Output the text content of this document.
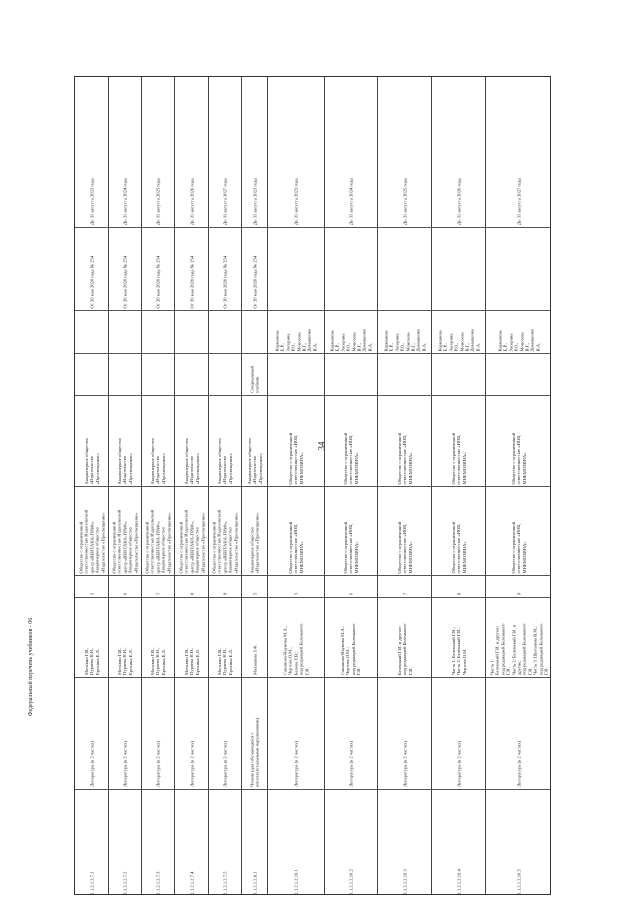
34
Федеральный перечень учебников - 06
1.1.2.1.2.7.1
Литература (в 2 частях)
Москвин Г.В.,
Пуряева Н.Н.,
Ерохина Е.Л.
5
Общество с ограниченной
ответственностью Издательский
центр «ВЕНТАНА-ГРАФ»,
Акционерное общество
«Издательство «Просвещение»
Акционерное общество
«Издательство
«Просвещение»
От 20 мая 2020 года № 254
До 31 августа 2023 года
1.1.2.1.2.7.2
Литература (в 2 частях)
Москвин Г.В.,
Пуряева Н.Н.,
Ерохина Е.Л.
6
Общество с ограниченной
ответственностью Издательский
центр «ВЕНТАНА-ГРАФ»,
Акционерное общество
«Издательство «Просвещение»
Акционерное общество
«Издательство
«Просвещение»
От 20 мая 2020 года № 254
До 31 августа 2024 года
1.1.2.1.2.7.3
Литература (в 2 частях)
Москвин Г.В.,
Пуряева Н.Н.,
Ерохина Е.Л.
7
Общество с ограниченной
ответственностью Издательский
центр «ВЕНТАНА-ГРАФ»,
Акционерное общество
«Издательство «Просвещение»
Акционерное общество
«Издательство
«Просвещение»
От 20 мая 2020 года № 254
До 31 августа 2025 года
1.1.2.1.2.7.4
Литература (в 2 частях)
Москвин Г.В.,
Пуряева Н.Н.,
Ерохина Е.Л.
8
Общество с ограниченной
ответственностью Издательский
центр «ВЕНТАНА-ГРАФ»,
Акционерное общество
«Издательство «Просвещение»
Акционерное общество
«Издательство
«Просвещение»
От 20 мая 2020 года № 254
До 31 августа 2026 года
1.1.2.1.2.7.5
Литература (в 2 частях)
Москвин Г.В.,
Пуряева Н.Н.,
Ерохина Е.Л.
9
Общество с ограниченной
ответственностью Издательский
центр «ВЕНТАНА-ГРАФ»,
Акционерное общество
«Издательство «Просвещение»
Акционерное общество
«Издательство
«Просвещение»
От 20 мая 2020 года № 254
До 31 августа 2027 года
1.1.2.1.2.8.1
Чтение (для обучающихся с
интеллектуальными нарушениями)
Малышева З.Ф.
5
Акционерное общество
«Издательство «Просвещение»
Акционерное общество
«Издательство
«Просвещение»
Специальный учебник
От 20 мая 2020 года № 254
До 31 августа 2023 года
1.1.2.1.2.10.1
Литература (в 2 частях)
Сакинова-Наумова М.А.,
Чертова О.М.,
Белова Т.В.;
под редакцией Беленького
Г.И.
5
Общество с ограниченной
ответственностью «ИОЦ
МНЕМОЗИНА»
Общество с ограниченной
ответственностью «ИОЦ
МНЕМОЗИНА»
Карманова
Е.Р.,
Засорина
Р.О.,
Моисеева
В.Г.,
Домашенко
В.А.
До 31 августа 2023 года
1.1.2.1.2.10.2
Литература (в 2 частях)
Сакинова-Наумова М.А.,
Чертова О.М.;
под редакцией Беленького
Г.И.
6
Общество с ограниченной
ответственностью «ИОЦ
МНЕМОЗИНА»
Общество с ограниченной
ответственностью «ИОЦ
МНЕМОЗИНА»
Карманова
Е.Р.,
Засорина
Р.О.,
Моисеева
В.Г.,
Домашенко
В.А.
До 31 августа 2024 года
1.1.2.1.2.10.3
Литература (в 2 частях)
Беленький Г.И. и другие;
под редакцией Беленького
Г.И.
7
Общество с ограниченной
ответственностью «ИОЦ
МНЕМОЗИНА»
Общество с ограниченной
ответственностью «ИОЦ
МНЕМОЗИНА»
Карманова
Е.Р.,
Засорина
Р.О.,
Моисеева
В.Г.,
Домашенко
В.А.
До 31 августа 2025 года
1.1.2.1.2.10.4
Литература (в 2 частях)
Часть 1: Беленький Г.И.;
Часть 2: Беленький Г.И.,
Чертова О.М.
8
Общество с ограниченной
ответственностью «ИОЦ
МНЕМОЗИНА»
Общество с ограниченной
ответственностью «ИОЦ
МНЕМОЗИНА»
Карманова
Е.Р.,
Засорина
Р.О.,
Моисеева
В.Г.,
Домашенко
В.А.
До 31 августа 2026 года
1.1.2.1.2.10.5
Литература (в 2 частях)
Часть 1:
Беленький Г.И. и другие;
под редакцией Беленького
Г.И.
Часть 2: Беленький Г.И. и
другие;
под редакцией Беленького
Г.И.
Часть 3: Щеголина В.М.;
под редакцией Беленького
Г.И.
9
Общество с ограниченной
ответственностью «ИОЦ
МНЕМОЗИНА»
Общество с ограниченной
ответственностью «ИОЦ
МНЕМОЗИНА»
Карманова
Е.Р.,
Засорина
Р.О.,
Моисеева
В.Г.,
Домашенко
В.А.
До 31 августа 2027 года
